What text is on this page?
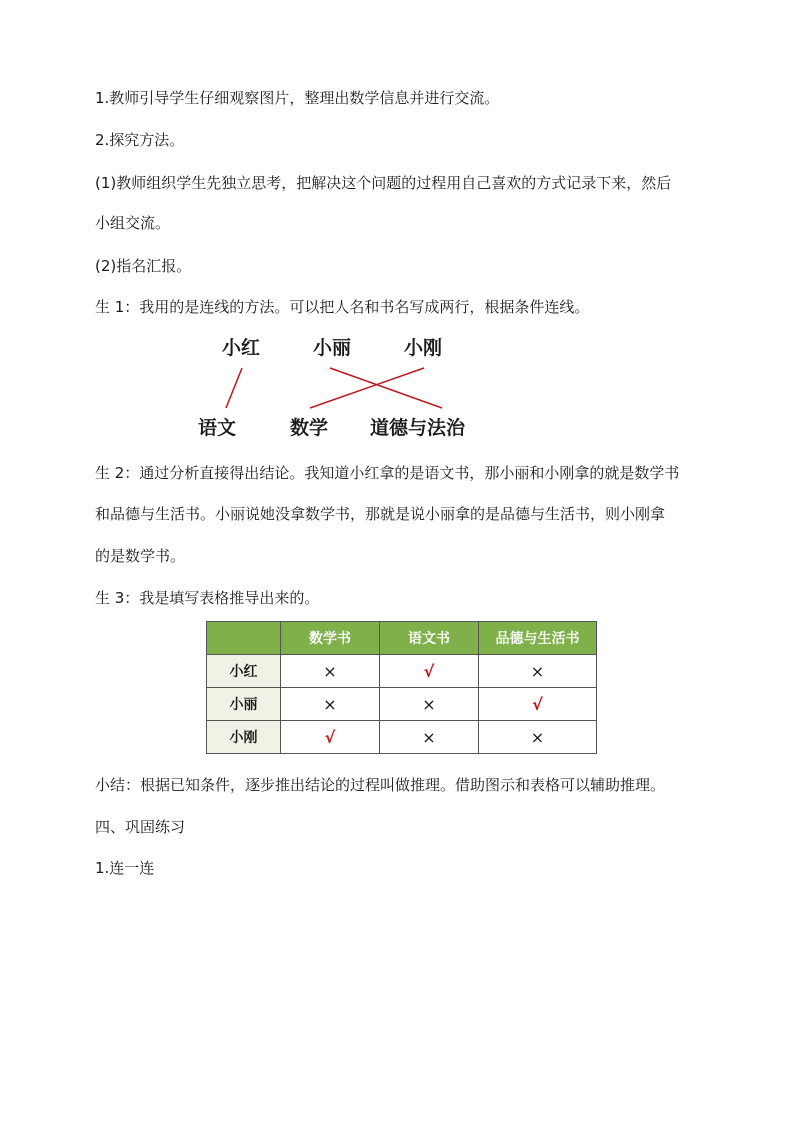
1.教师引导学生仔细观察图片，整理出数学信息并进行交流。
2.探究方法。
(1)教师组织学生先独立思考，把解决这个问题的过程用自己喜欢的方式记录下来，然后
小组交流。
(2)指名汇报。
生 1：我用的是连线的方法。可以把人名和书名写成两行，根据条件连线。
小红	小丽	小刚
语文	数学 道德与法治
生 2：通过分析直接得出结论。我知道小红拿的是语文书，那小丽和小刚拿的就是数学书
和品德与生活书。小丽说她没拿数学书，那就是说小丽拿的是品德与生活书，则小刚拿
的是数学书。
生 3：我是填写表格推导出来的。
	数学书	语文书	品德与生活书
小红	×	√	×
小丽	×	×	√
小刚	√	×	×
小结：根据已知条件，逐步推出结论的过程叫做推理。借助图示和表格可以辅助推理。
四、巩固练习
1.连一连
